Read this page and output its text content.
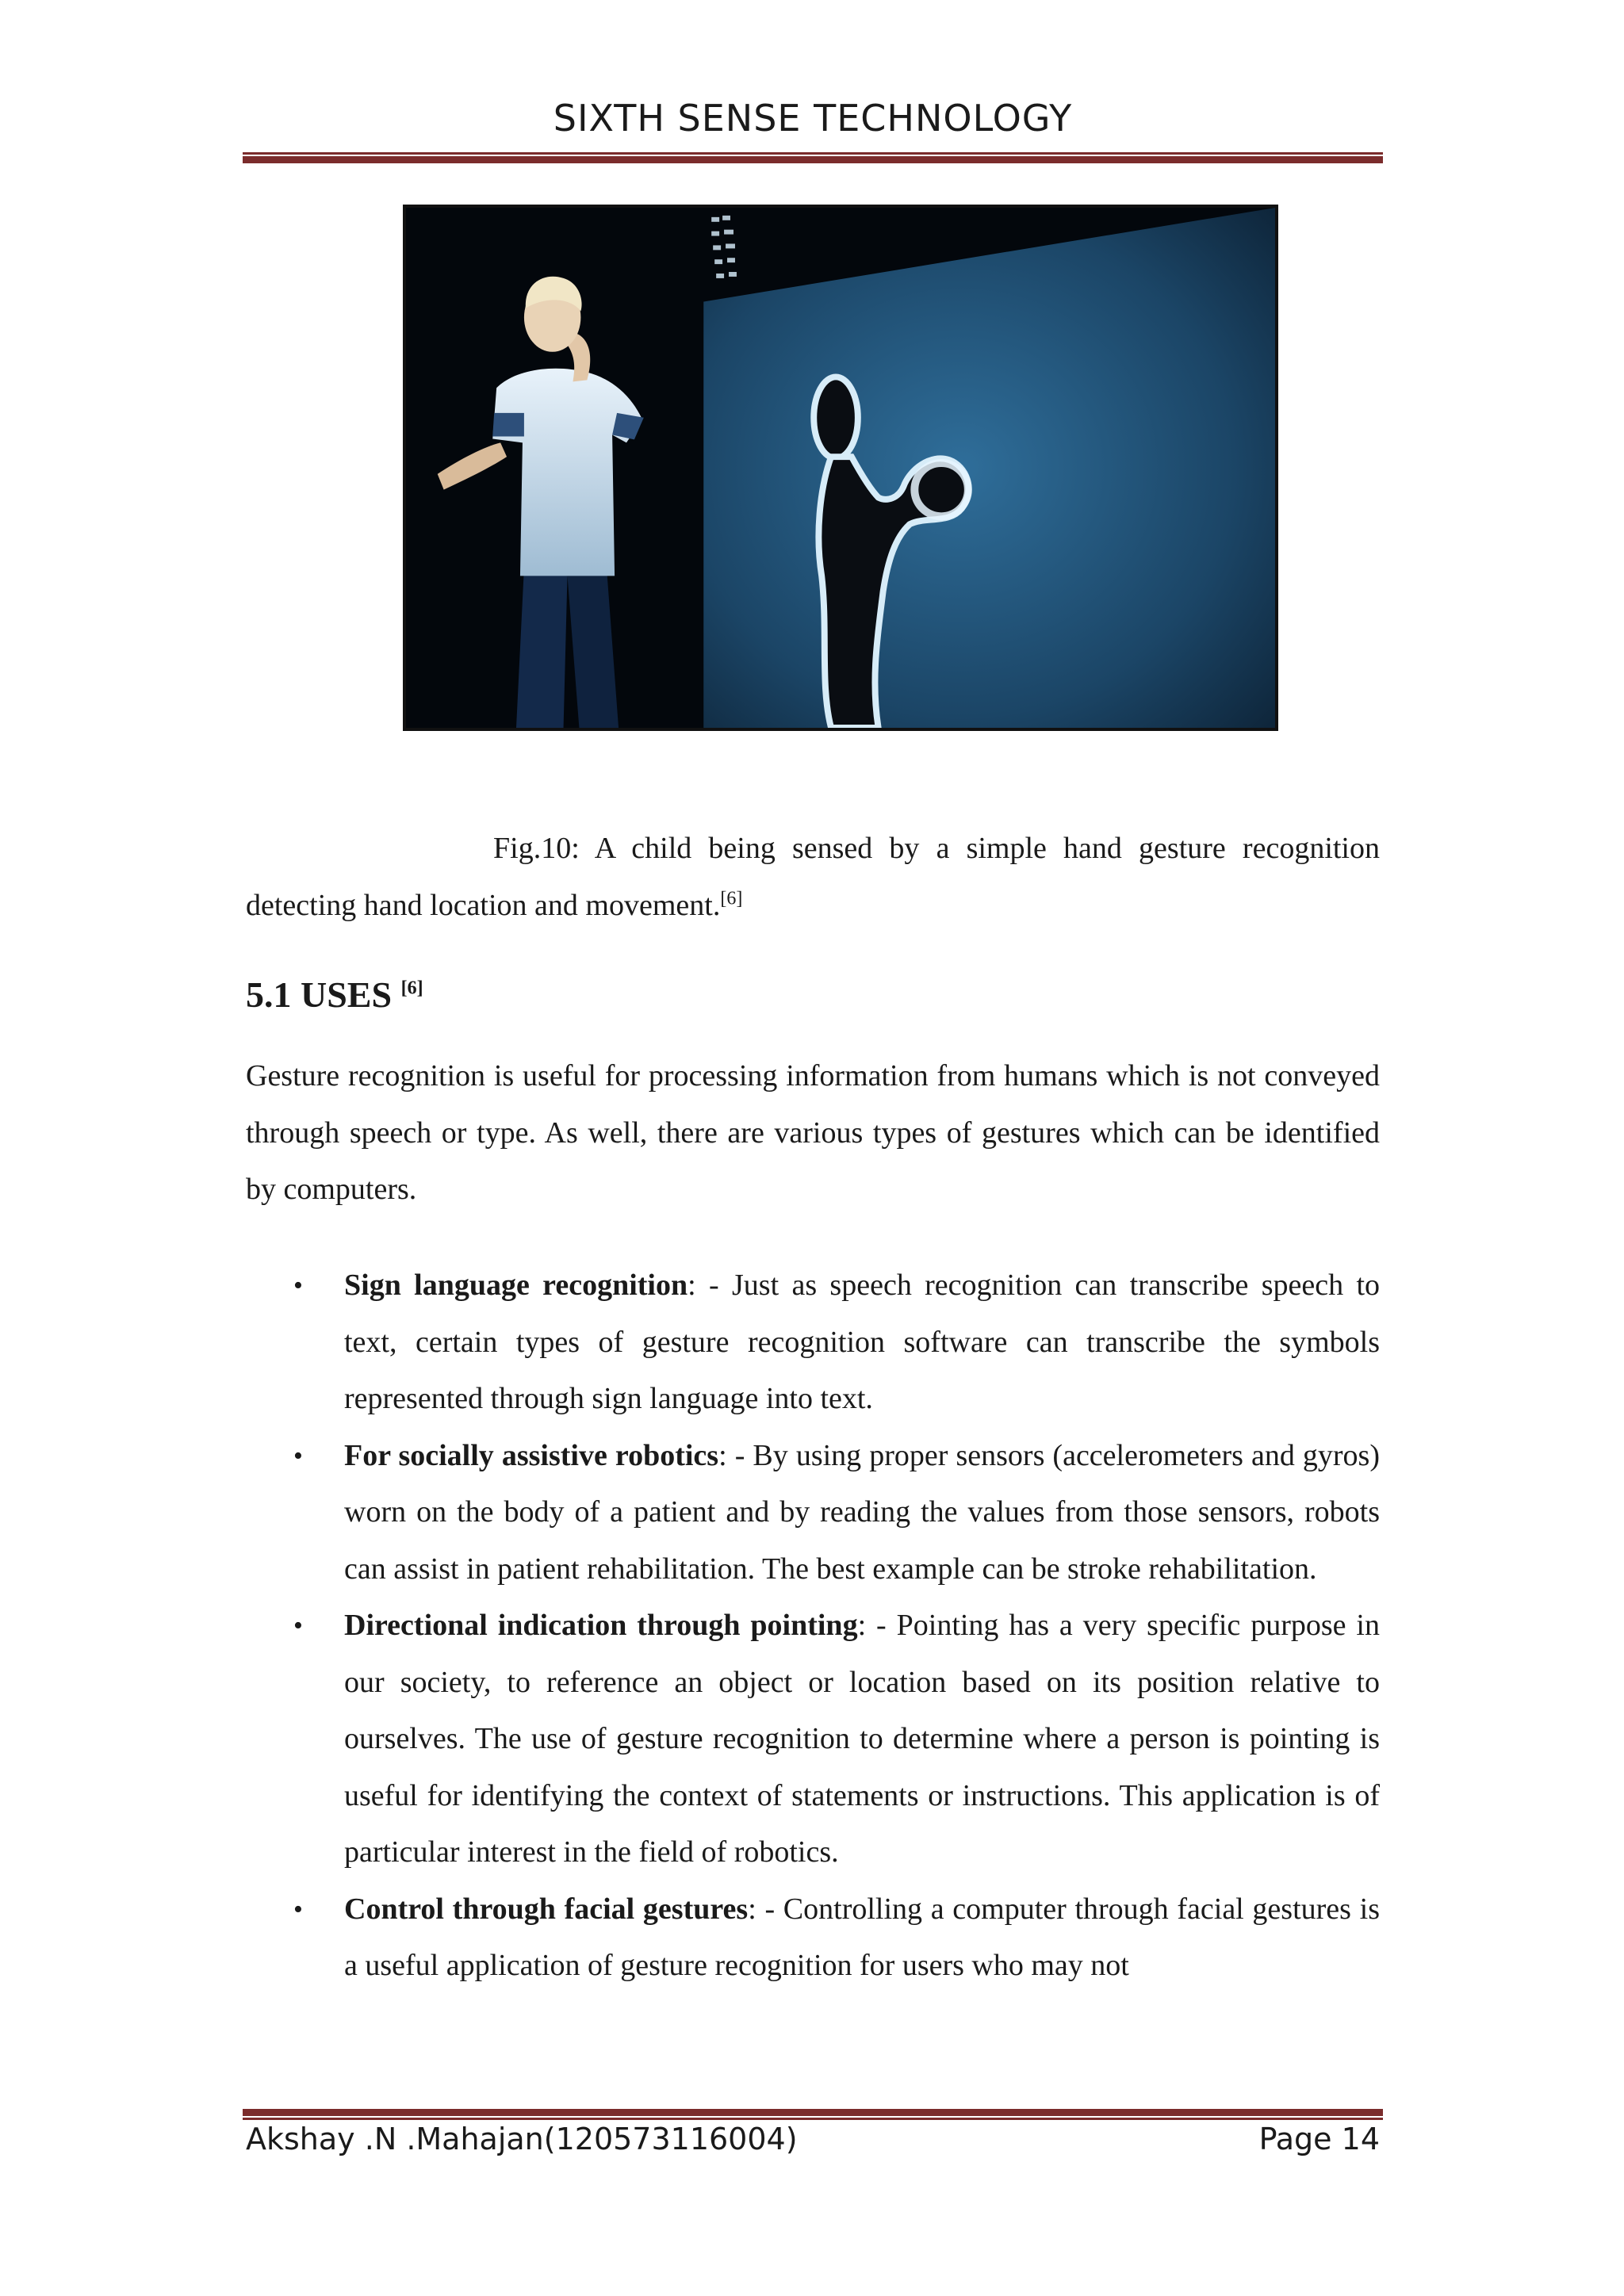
SIXTH SENSE TECHNOLOGY
Fig.10: A child being sensed by a simple hand gesture recognition detecting hand location and movement.[6]
5.1 USES [6]

Gesture recognition is useful for processing information from humans which is not conveyed through speech or type. As well, there are various types of gestures which can be identified by computers.

• Sign language recognition: - Just as speech recognition can transcribe speech to text, certain types of gesture recognition software can transcribe the symbols represented through sign language into text.
• For socially assistive robotics: - By using proper sensors (accelerometers and gyros) worn on the body of a patient and by reading the values from those sensors, robots can assist in patient rehabilitation. The best example can be stroke rehabilitation.
• Directional indication through pointing: - Pointing has a very specific purpose in our society, to reference an object or location based on its position relative to ourselves. The use of gesture recognition to determine where a person is pointing is useful for identifying the context of statements or instructions. This application is of particular interest in the field of robotics.
• Control through facial gestures: - Controlling a computer through facial gestures is a useful application of gesture recognition for users who may not
Akshay .N .Mahajan(120573116004)	Page 14
